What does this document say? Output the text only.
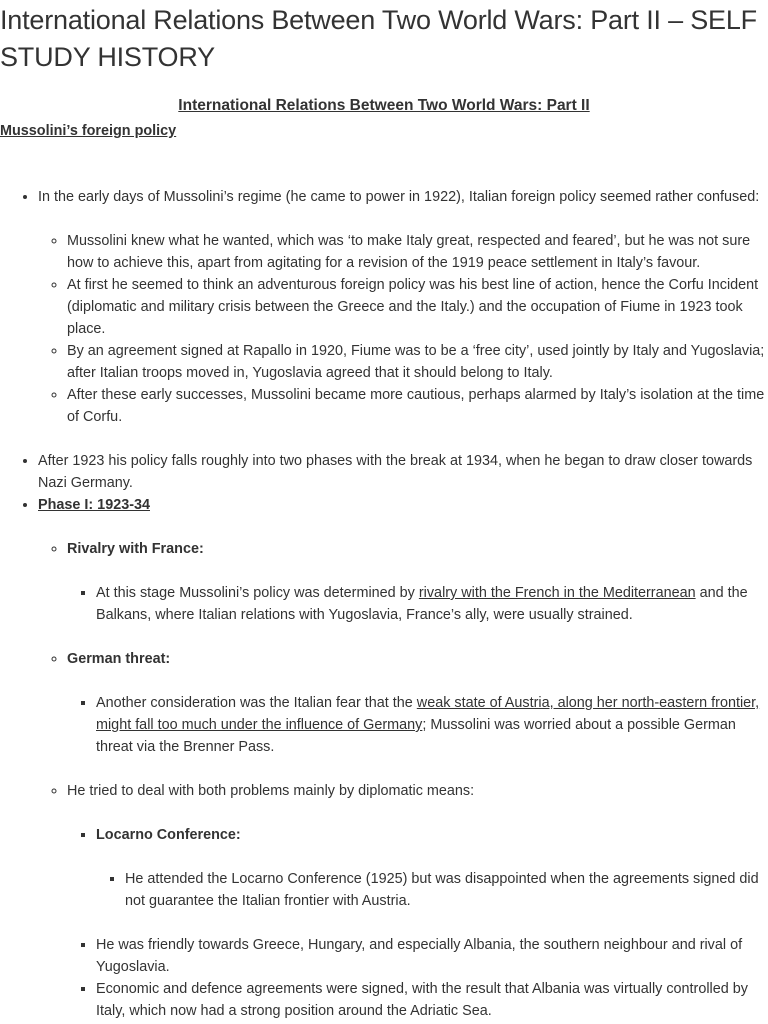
International Relations Between Two World Wars: Part II – SELF STUDY HISTORY
International Relations Between Two World Wars: Part II
Mussolini’s foreign policy
• In the early days of Mussolini’s regime (he came to power in 1922), Italian foreign policy seemed rather confused:
◦ Mussolini knew what he wanted, which was ‘to make Italy great, respected and feared’, but he was not sure how to achieve this, apart from agitating for a revision of the 1919 peace settlement in Italy’s favour.
◦ At first he seemed to think an adventurous foreign policy was his best line of action, hence the Corfu Incident (diplomatic and military crisis between the Greece and the Italy.) and the occupation of Fiume in 1923 took place.
◦ By an agreement signed at Rapallo in 1920, Fiume was to be a ‘free city’, used jointly by Italy and Yugoslavia; after Italian troops moved in, Yugoslavia agreed that it should belong to Italy.
◦ After these early successes, Mussolini became more cautious, perhaps alarmed by Italy’s isolation at the time of Corfu.
• After 1923 his policy falls roughly into two phases with the break at 1934, when he began to draw closer towards Nazi Germany.
• Phase I: 1923-34
◦ Rivalry with France:
▪ At this stage Mussolini’s policy was determined by rivalry with the French in the Mediterranean and the Balkans, where Italian relations with Yugoslavia, France’s ally, were usually strained.
◦ German threat:
▪ Another consideration was the Italian fear that the weak state of Austria, along her north-eastern frontier, might fall too much under the influence of Germany; Mussolini was worried about a possible German threat via the Brenner Pass.
◦ He tried to deal with both problems mainly by diplomatic means:
▪ Locarno Conference:
▪ He attended the Locarno Conference (1925) but was disappointed when the agreements signed did not guarantee the Italian frontier with Austria.
▪ He was friendly towards Greece, Hungary, and especially Albania, the southern neighbour and rival of Yugoslavia.
▪ Economic and defence agreements were signed, with the result that Albania was virtually controlled by Italy, which now had a strong position around the Adriatic Sea.
